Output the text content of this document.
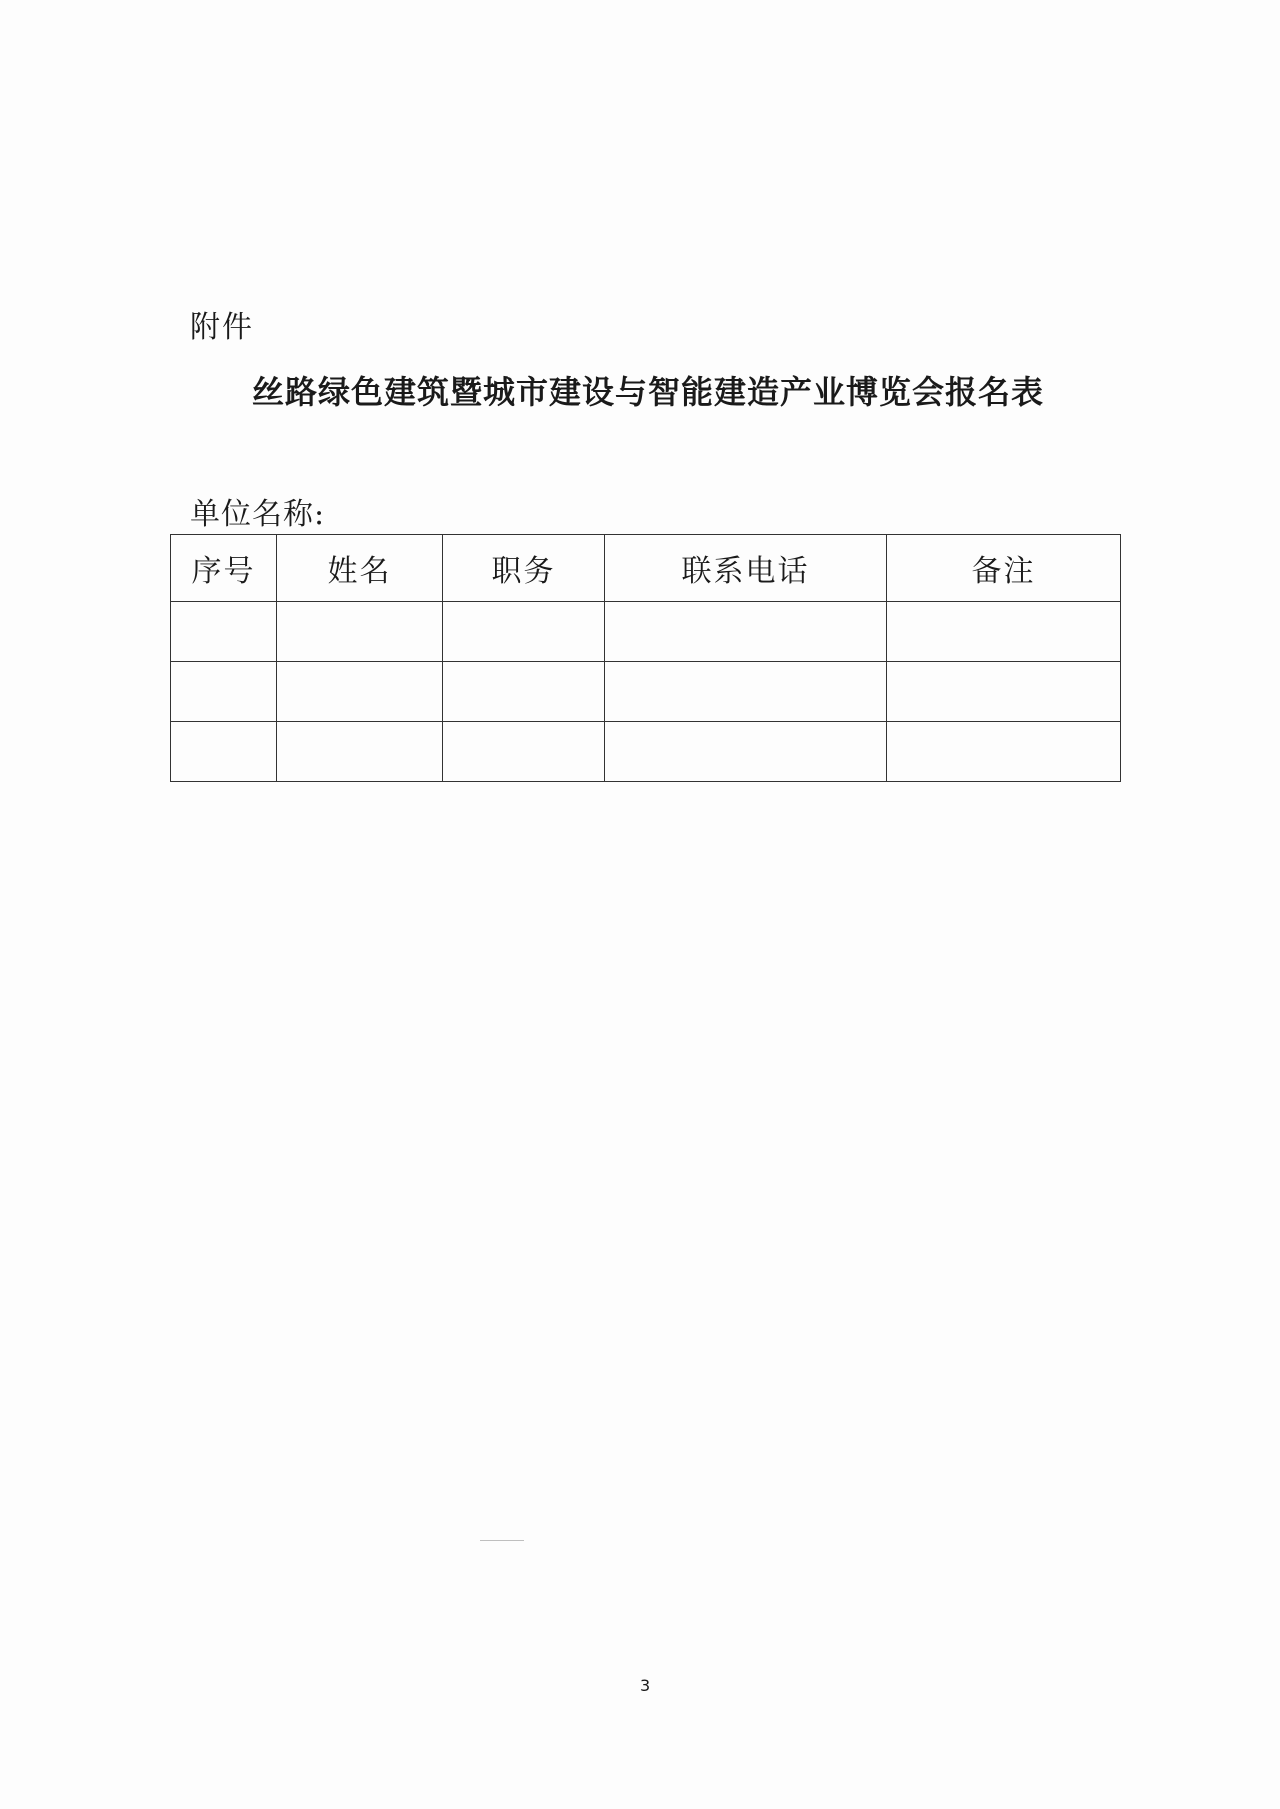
附件
丝路绿色建筑暨城市建设与智能建造产业博览会报名表
单位名称:
序号	姓名	职务	联系电话	备注

3
